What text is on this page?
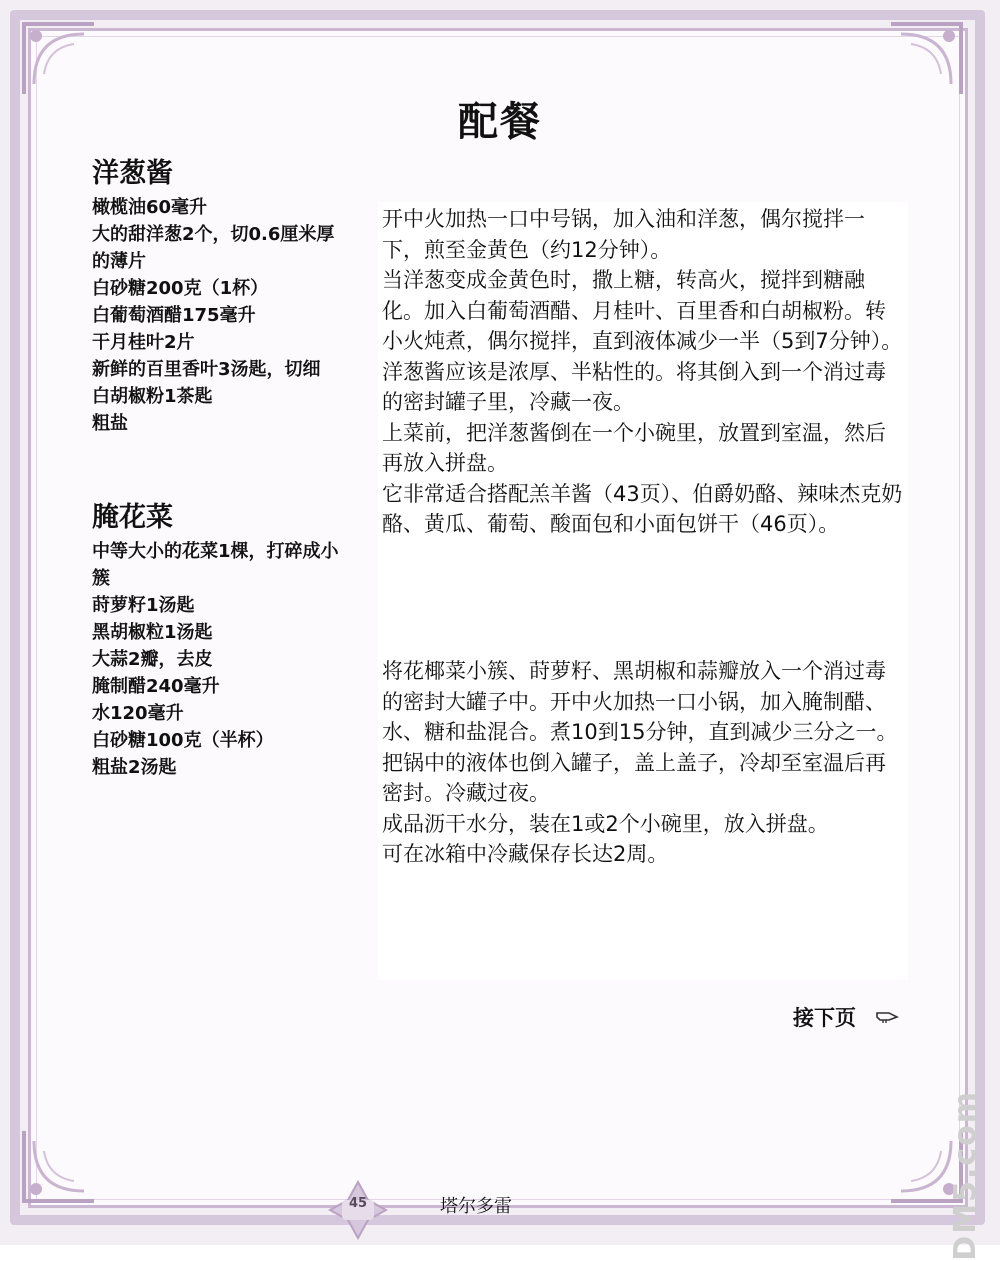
配餐
洋葱酱
橄榄油60毫升
大的甜洋葱2个，切0.6厘米厚的薄片
白砂糖200克（1杯）
白葡萄酒醋175毫升
干月桂叶2片
新鲜的百里香叶3汤匙，切细
白胡椒粉1茶匙
粗盐
腌花菜
中等大小的花菜1棵，打碎成小簇
莳萝籽1汤匙
黑胡椒粒1汤匙
大蒜2瓣，去皮
腌制醋240毫升
水120毫升
白砂糖100克（半杯）
粗盐2汤匙

开中火加热一口中号锅，加入油和洋葱，偶尔搅拌一下，煎至金黄色（约12分钟）。

当洋葱变成金黄色时，撒上糖，转高火，搅拌到糖融化。加入白葡萄酒醋、月桂叶、百里香和白胡椒粉。转小火炖煮，偶尔搅拌，直到液体减少一半（5到7分钟）。

洋葱酱应该是浓厚、半粘性的。将其倒入到一个消过毒的密封罐子里，冷藏一夜。

上菜前，把洋葱酱倒在一个小碗里，放置到室温，然后再放入拼盘。

它非常适合搭配羔羊酱（43页）、伯爵奶酪、辣味杰克奶酪、黄瓜、葡萄、酸面包和小面包饼干（46页）。

将花椰菜小簇、莳萝籽、黑胡椒和蒜瓣放入一个消过毒的密封大罐子中。开中火加热一口小锅，加入腌制醋、水、糖和盐混合。煮10到15分钟，直到减少三分之一。把锅中的液体也倒入罐子，盖上盖子，冷却至室温后再密封。冷藏过夜。

成品沥干水分，装在1或2个小碗里，放入拼盘。

可在冰箱中冷藏保存长达2周。

接下页
45	塔尔多雷	DM5.com
